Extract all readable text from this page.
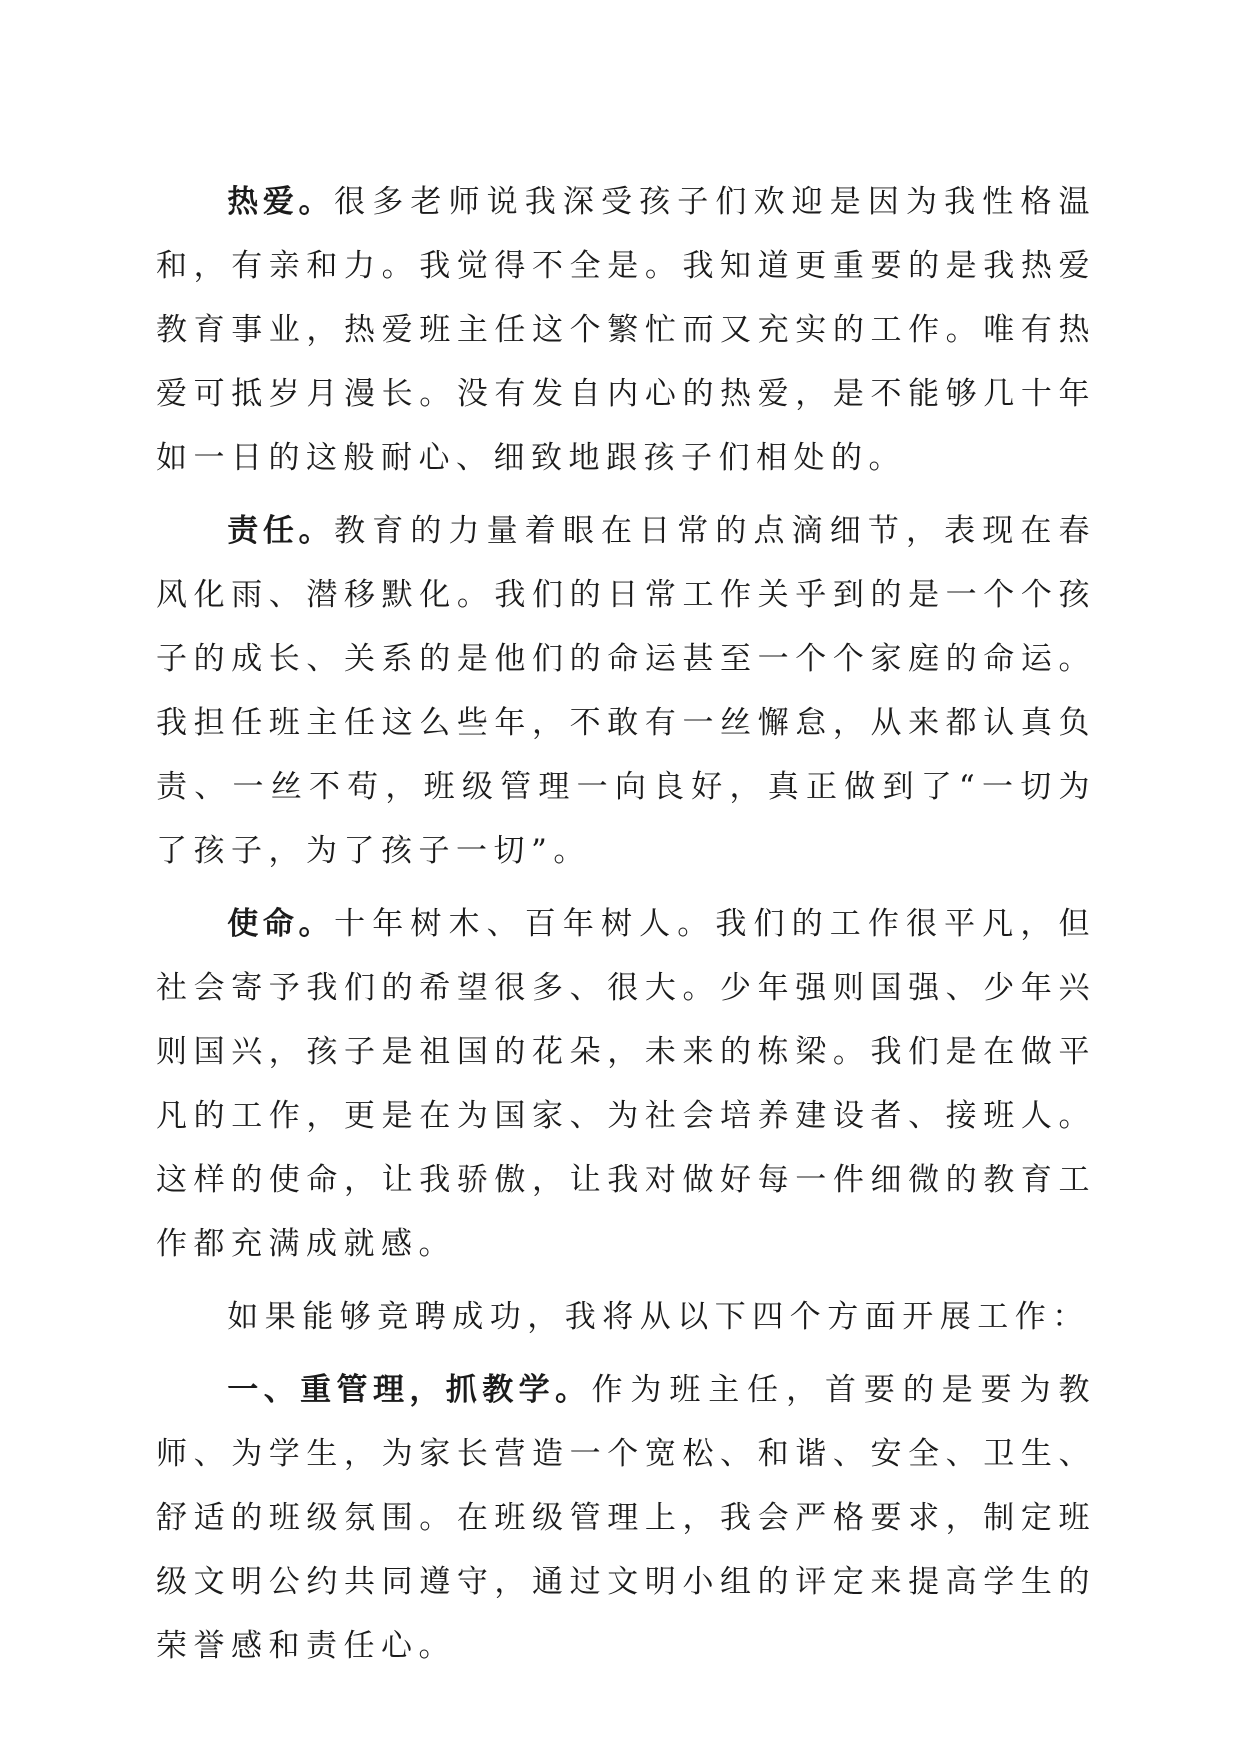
热爱。很多老师说我深受孩子们欢迎是因为我性格温和，有亲和力。我觉得不全是。我知道更重要的是我热爱教育事业，热爱班主任这个繁忙而又充实的工作。唯有热爱可抵岁月漫长。没有发自内心的热爱，是不能够几十年如一日的这般耐心、细致地跟孩子们相处的。

责任。教育的力量着眼在日常的点滴细节，表现在春风化雨、潜移默化。我们的日常工作关乎到的是一个个孩子的成长、关系的是他们的命运甚至一个个家庭的命运。我担任班主任这么些年，不敢有一丝懈怠，从来都认真负责、一丝不苟，班级管理一向良好，真正做到了“一切为了孩子，为了孩子一切”。

使命。十年树木、百年树人。我们的工作很平凡，但社会寄予我们的希望很多、很大。少年强则国强、少年兴则国兴，孩子是祖国的花朵，未来的栋梁。我们是在做平凡的工作，更是在为国家、为社会培养建设者、接班人。这样的使命，让我骄傲，让我对做好每一件细微的教育工作都充满成就感。

如果能够竞聘成功，我将从以下四个方面开展工作：

一、重管理，抓教学。作为班主任，首要的是要为教师、为学生，为家长营造一个宽松、和谐、安全、卫生、舒适的班级氛围。在班级管理上，我会严格要求，制定班级文明公约共同遵守，通过文明小组的评定来提高学生的荣誉感和责任心。
